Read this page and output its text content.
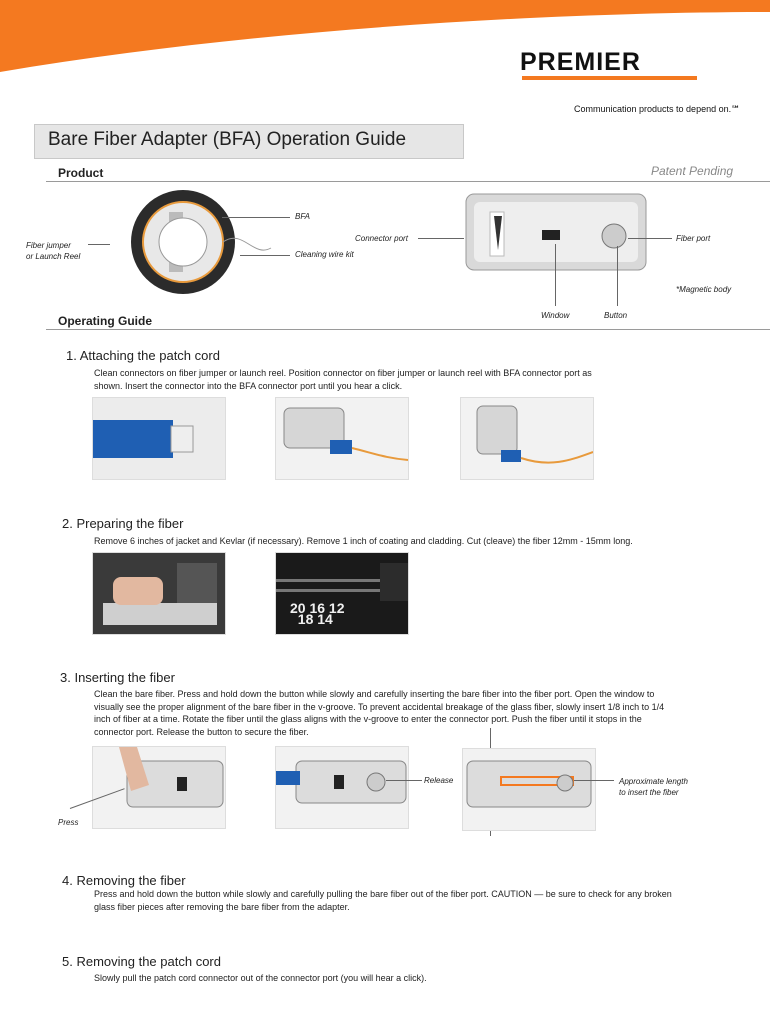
PREMIER
Communication products to depend on.℠
Bare Fiber Adapter (BFA) Operation Guide
Product	Patent Pending
BFA
Fiber jumper
or Launch Reel	Cleaning wire kit
Connector port	Fiber port
*Magnetic body
Window	Button
Operating Guide
1. Attaching the patch cord
Clean connectors on fiber jumper or launch reel. Position connector on fiber jumper or launch reel with BFA connector port as shown. Insert the connector into the BFA connector port until you hear a click.
2. Preparing the fiber
Remove 6 inches of jacket and Kevlar (if necessary). Remove 1 inch of coating and cladding. Cut (cleave) the fiber 12mm - 15mm long.
20 16 12
18 14
3. Inserting the fiber
Clean the bare fiber. Press and hold down the button while slowly and carefully inserting the bare fiber into the fiber port. Open the window to visually see the proper alignment of the bare fiber in the v-groove. To prevent accidental breakage of the glass fiber, slowly insert 1/8 inch to 1/4 inch of fiber at a time. Rotate the fiber until the glass aligns with the v-groove to enter the connector port. Push the fiber until it stops in the connector port. Release the button to secure the fiber.
Press
Release	Approximate length
to insert the fiber
4. Removing the fiber
Press and hold down the button while slowly and carefully pulling the bare fiber out of the fiber port. CAUTION — be sure to check for any broken glass fiber pieces after removing the bare fiber from the adapter.
5. Removing the patch cord
Slowly pull the patch cord connector out of the connector port (you will hear a click).
